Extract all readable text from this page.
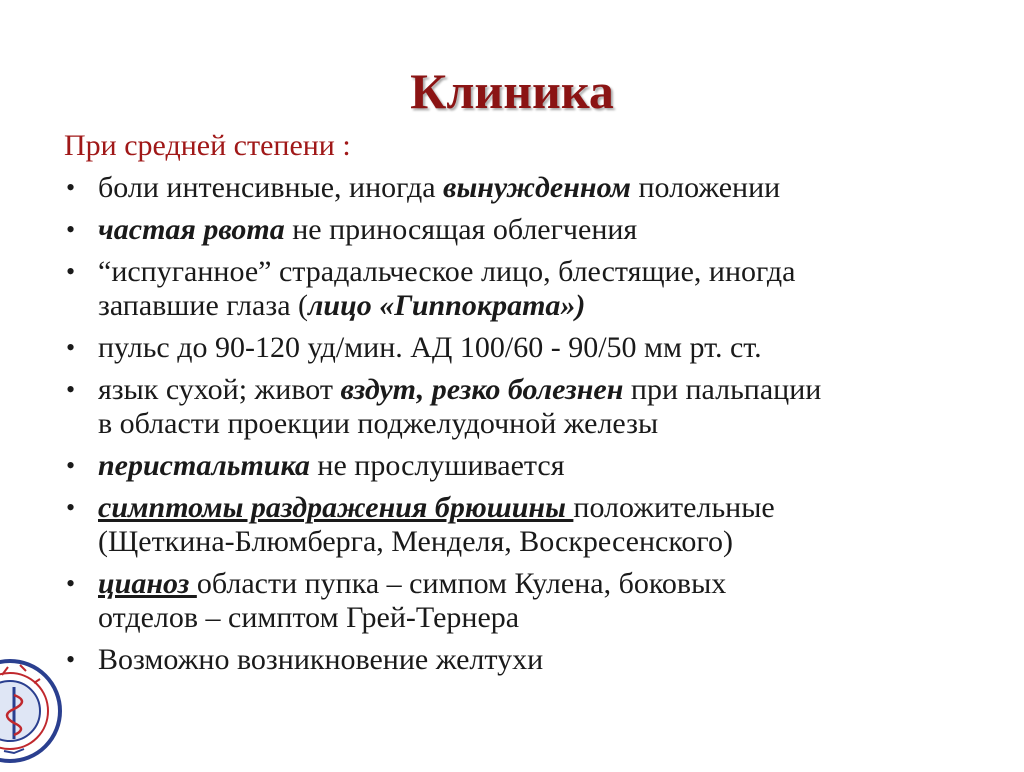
Клиника

При средней степени :

• боли интенсивные, иногда вынужденном положении
• частая рвота не приносящая облегчения
• “испуганное” страдальческое лицо, блестящие, иногда
запавшие глаза (лицо «Гиппократа»)
• пульс до 90-120 уд/мин. АД 100/60 - 90/50 мм рт. ст.
• язык сухой; живот вздут, резко болезнен при пальпации
в области проекции поджелудочной железы
• перистальтика не прослушивается
• симптомы раздражения брюшины положительные
(Щеткина-Блюмберга, Менделя, Воскресенского)
• цианоз области пупка – симпом Кулена, боковых
отделов – симптом Грей-Тернера
• Возможно возникновение желтухи
